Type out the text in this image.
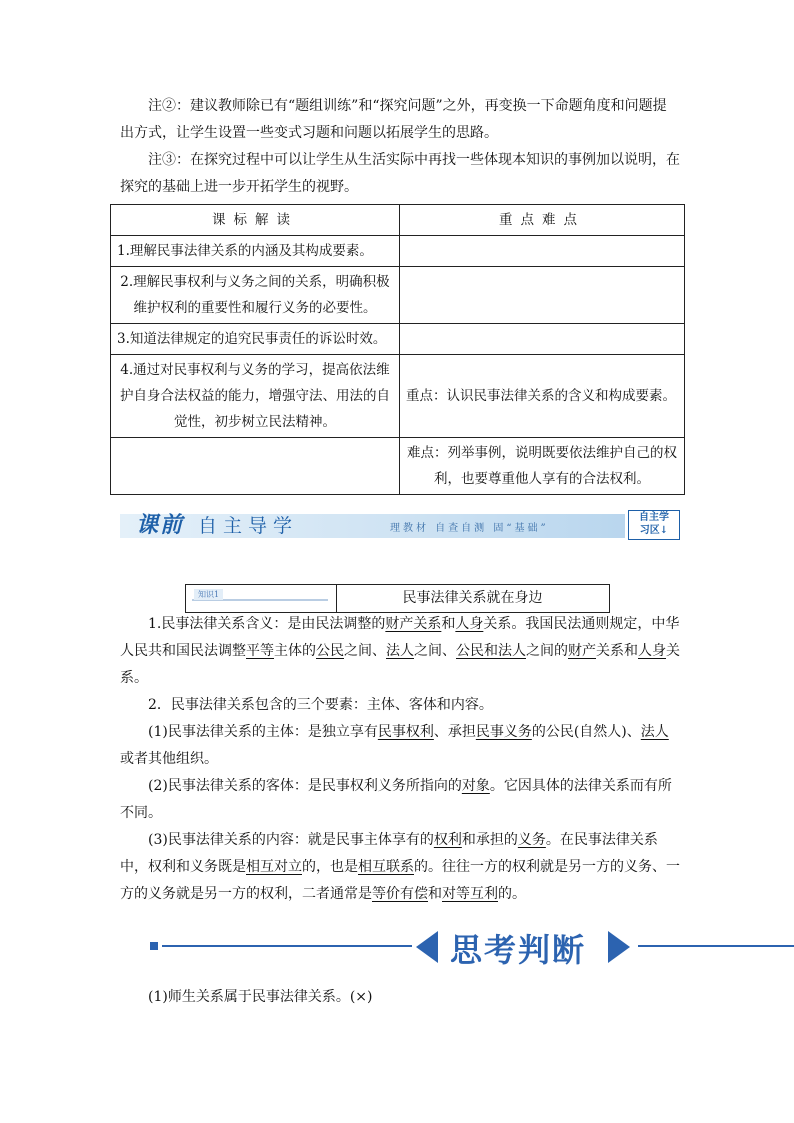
注②：建议教师除已有“题组训练”和“探究问题”之外，再变换一下命题角度和问题提出方式，让学生设置一些变式习题和问题以拓展学生的思路。

注③：在探究过程中可以让学生从生活实际中再找一些体现本知识的事例加以说明，在探究的基础上进一步开拓学生的视野。

课标解读	重点难点
1.理解民事法律关系的内涵及其构成要素。	
2.理解民事权利与义务之间的关系，明确积极维护权利的重要性和履行义务的必要性。	
3.知道法律规定的追究民事责任的诉讼时效。	
4.通过对民事权利与义务的学习，提高依法维护自身合法权益的能力，增强守法、用法的自觉性，初步树立民法精神。	重点：认识民事法律关系的含义和构成要素。
	难点：列举事例，说明既要依法维护自己的权利，也要尊重他人享有的合法权利。
课前 自主导学	理教材 自查自测 固“基础”
自主学
习区↓
知识1	民事法律关系就在身边

1.民事法律关系含义：是由民法调整的财产关系和人身关系。我国民法通则规定，中华人民共和国民法调整平等主体的公民之间、法人之间、公民和法人之间的财产关系和人身关系。

2．民事法律关系包含的三个要素：主体、客体和内容。

(1)民事法律关系的主体：是独立享有民事权利、承担民事义务的公民(自然人)、法人或者其他组织。

(2)民事法律关系的客体：是民事权利义务所指向的对象。它因具体的法律关系而有所不同。

(3)民事法律关系的内容：就是民事主体享有的权利和承担的义务。在民事法律关系中，权利和义务既是相互对立的，也是相互联系的。往往一方的权利就是另一方的义务、一方的义务就是另一方的权利，二者通常是等价有偿和对等互利的。

思考判断

(1)师生关系属于民事法律关系。(×)
